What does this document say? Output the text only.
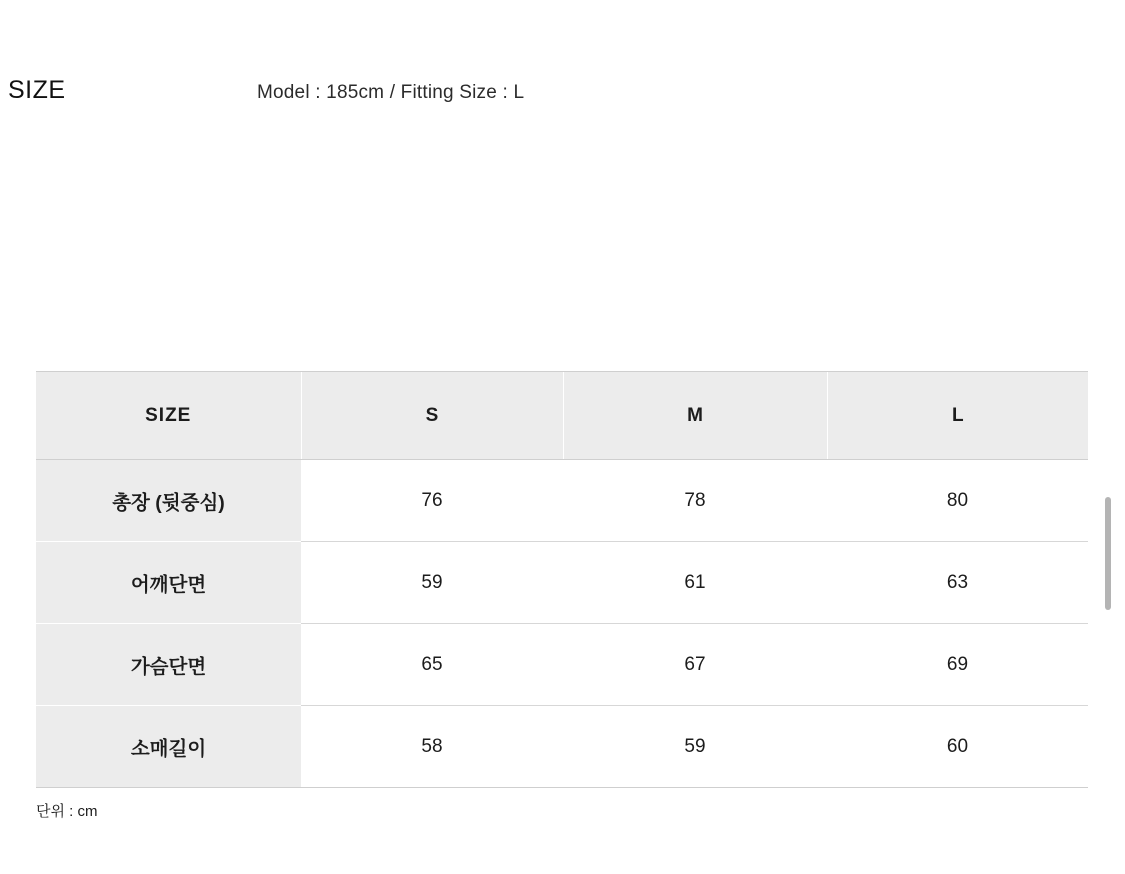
SIZE	Model : 185cm / Fitting Size : L
SIZE	S	M	L
총장 (뒷중심)	76	78	80
어깨단면	59	61	63
가슴단면	65	67	69
소매길이	58	59	60
단위 : cm
